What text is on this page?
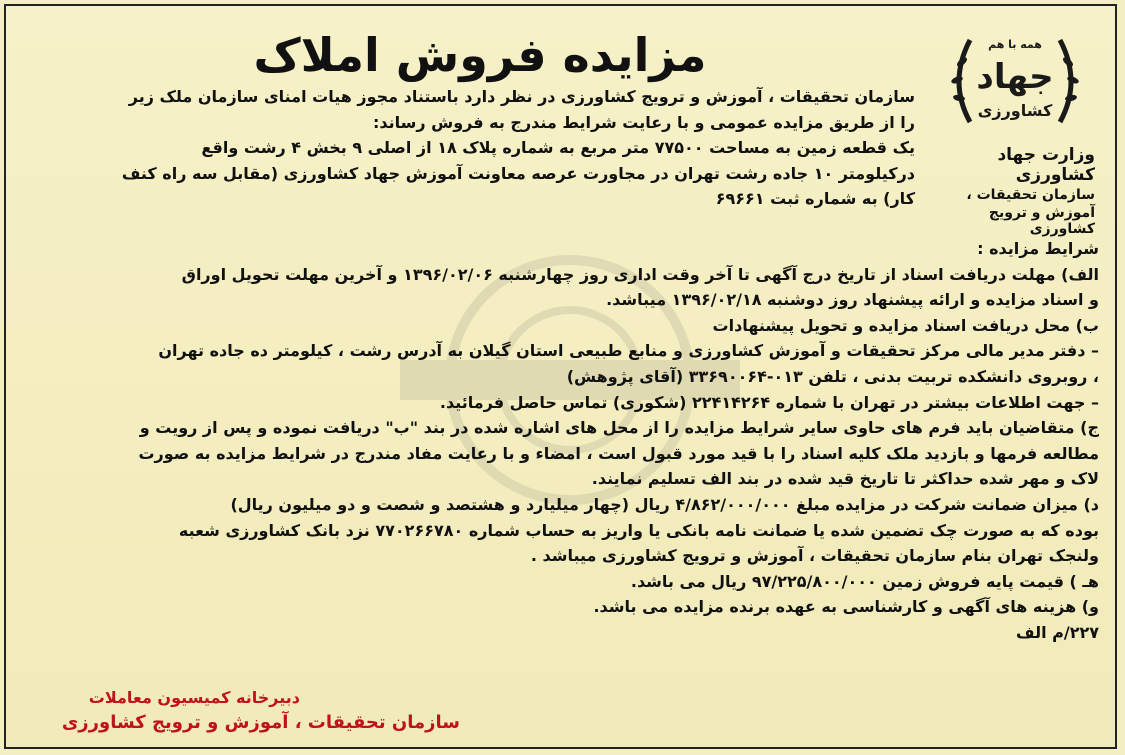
مزایده فروش املاک	همه با هم
جهاد
کشاورزی
وزارت جهاد کشاورزی
سازمان تحقیقات ،
آموزش و ترویج کشاورزی
سازمان تحقیقات ، آموزش و ترویج کشاورزی در نظر دارد باستناد مجوز هیات امنای سازمان ملک زیر
را از طریق مزایده عمومی و با رعایت شرایط مندرج به فروش رساند:
یک قطعه زمین به مساحت ۷۷۵۰۰ متر مربع به شماره پلاک ۱۸ از اصلی ۹ بخش ۴ رشت واقع
درکیلومتر ۱۰ جاده رشت تهران در مجاورت عرصه معاونت آموزش جهاد کشاورزی (مقابل سه راه کنف
کار) به شماره ثبت ۶۹۶۶۱
شرایط مزایده :
الف) مهلت دریافت اسناد از تاریخ درج آگهی تا آخر وقت اداری روز چهارشنبه ۱۳۹۶/۰۲/۰۶ و آخرین مهلت تحویل اوراق
و اسناد مزایده و ارائه پیشنهاد روز دوشنبه ۱۳۹۶/۰۲/۱۸ میباشد.
ب) محل دریافت اسناد مزایده و تحویل پیشنهادات
– دفتر مدیر مالی مرکز تحقیقات و آموزش کشاورزی و منابع طبیعی استان گیلان به آدرس رشت ، کیلومتر ده جاده تهران
، روبروی دانشکده تربیت بدنی ، تلفن ۰۱۳-۳۳۶۹۰۰۶۴ (آقای پژوهش)
– جهت اطلاعات بیشتر در تهران با شماره ۲۲۴۱۴۲۶۴ (شکوری) تماس حاصل فرمائید.
ج) متقاضیان باید فرم های حاوی سایر شرایط مزایده را از محل های اشاره شده در بند "ب" دریافت نموده و پس از رویت و
مطالعه فرمها و بازدید ملک کلیه اسناد را با قید مورد قبول است ، امضاء و با رعایت مفاد مندرج در شرایط مزایده به صورت
لاک و مهر شده حداکثر تا تاریخ قید شده در بند الف تسلیم نمایند.
د) میزان ضمانت شرکت در مزایده مبلغ ۴/۸۶۲/۰۰۰/۰۰۰ ریال (چهار میلیارد و هشتصد و شصت و دو میلیون ریال)
بوده که به صورت چک تضمین شده یا ضمانت نامه بانکی یا واریز به حساب شماره ۷۷۰۲۶۶۷۸۰ نزد بانک کشاورزی شعبه
ولنجک تهران بنام سازمان تحقیقات ، آموزش و ترویج کشاورزی میباشد .
هـ ) قیمت پایه فروش زمین ۹۷/۲۲۵/۸۰۰/۰۰۰ ریال می باشد.
و) هزینه های آگهی و کارشناسی به عهده برنده مزایده می باشد.
۲۲۷/م الف
دبیرخانه کمیسیون معاملات
سازمان تحقیقات ، آموزش و ترویج کشاورزی
